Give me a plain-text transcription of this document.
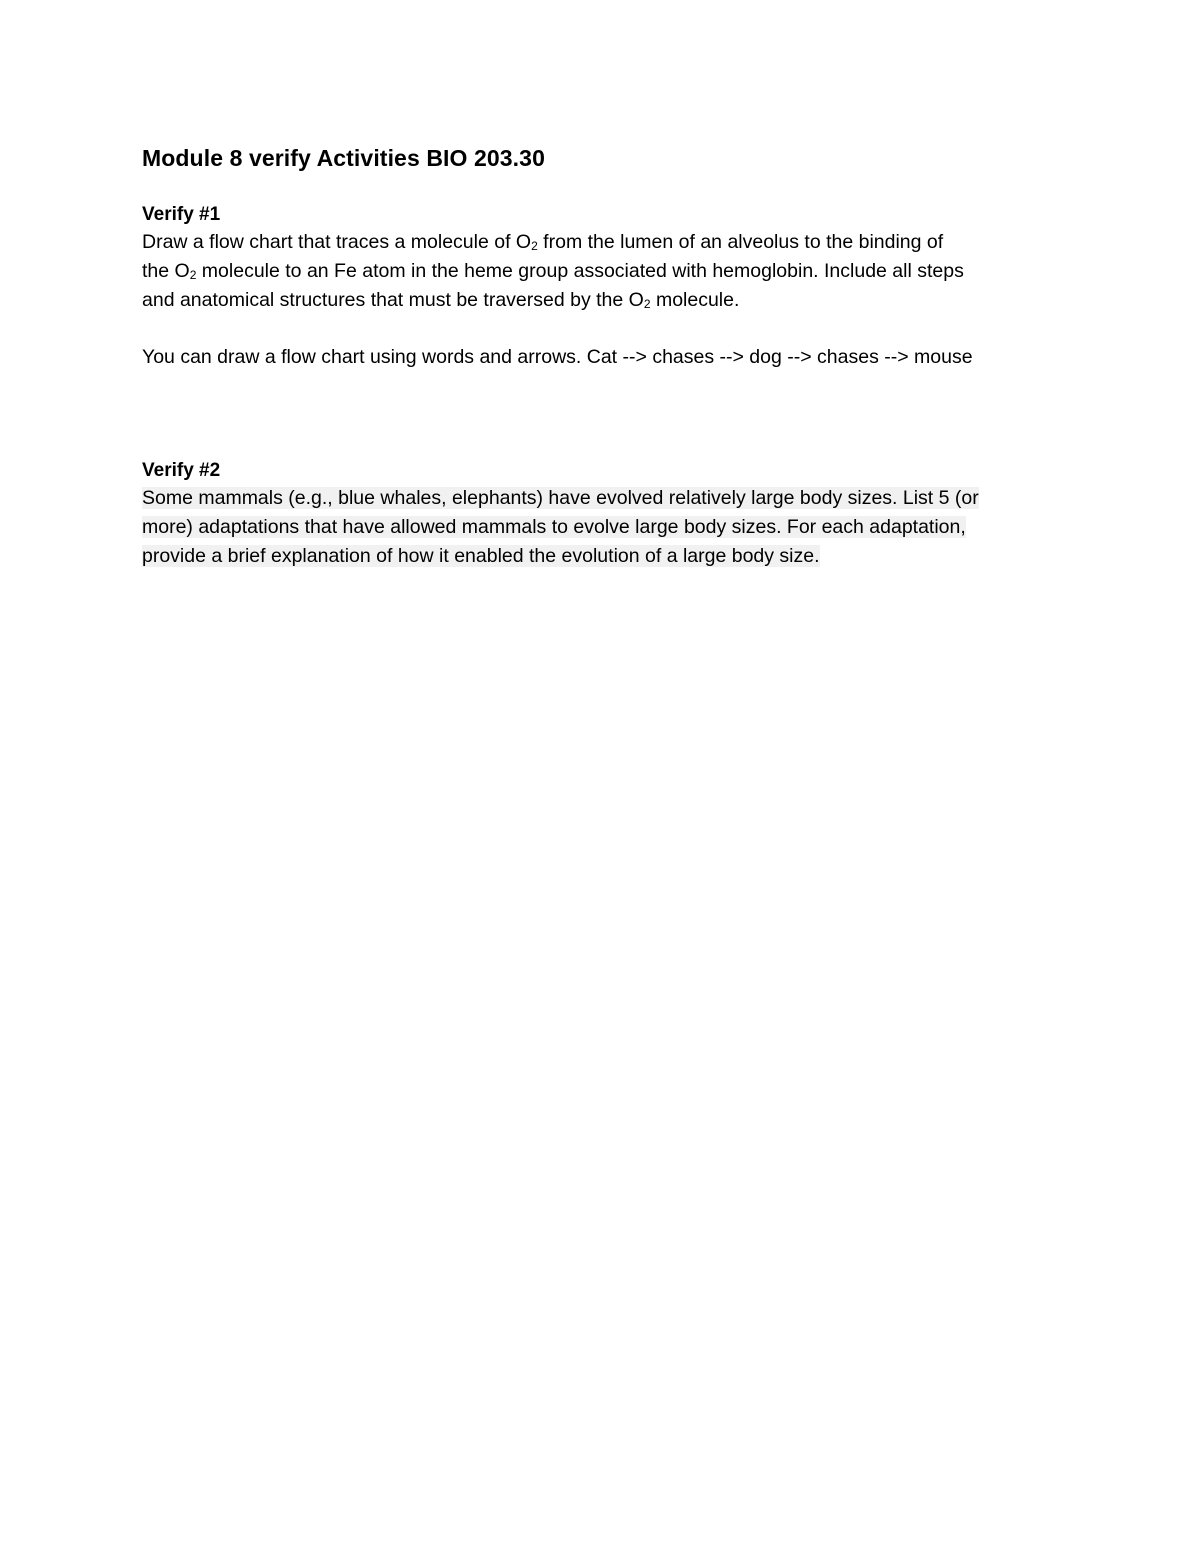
Module 8 verify Activities BIO 203.30
Verify #1
Draw a flow chart that traces a molecule of $O_2$ from the lumen of an alveolus to the binding of
the $O_2$ molecule to an Fe atom in the heme group associated with hemoglobin. Include all steps
and anatomical structures that must be traversed by the $O_2$ molecule.
You can draw a flow chart using words and arrows. Cat --> chases --> dog --> chases --> mouse
Verify #2
Some mammals (e.g., blue whales, elephants) have evolved relatively large body sizes. List 5 (or
more) adaptations that have allowed mammals to evolve large body sizes. For each adaptation,
provide a brief explanation of how it enabled the evolution of a large body size.
